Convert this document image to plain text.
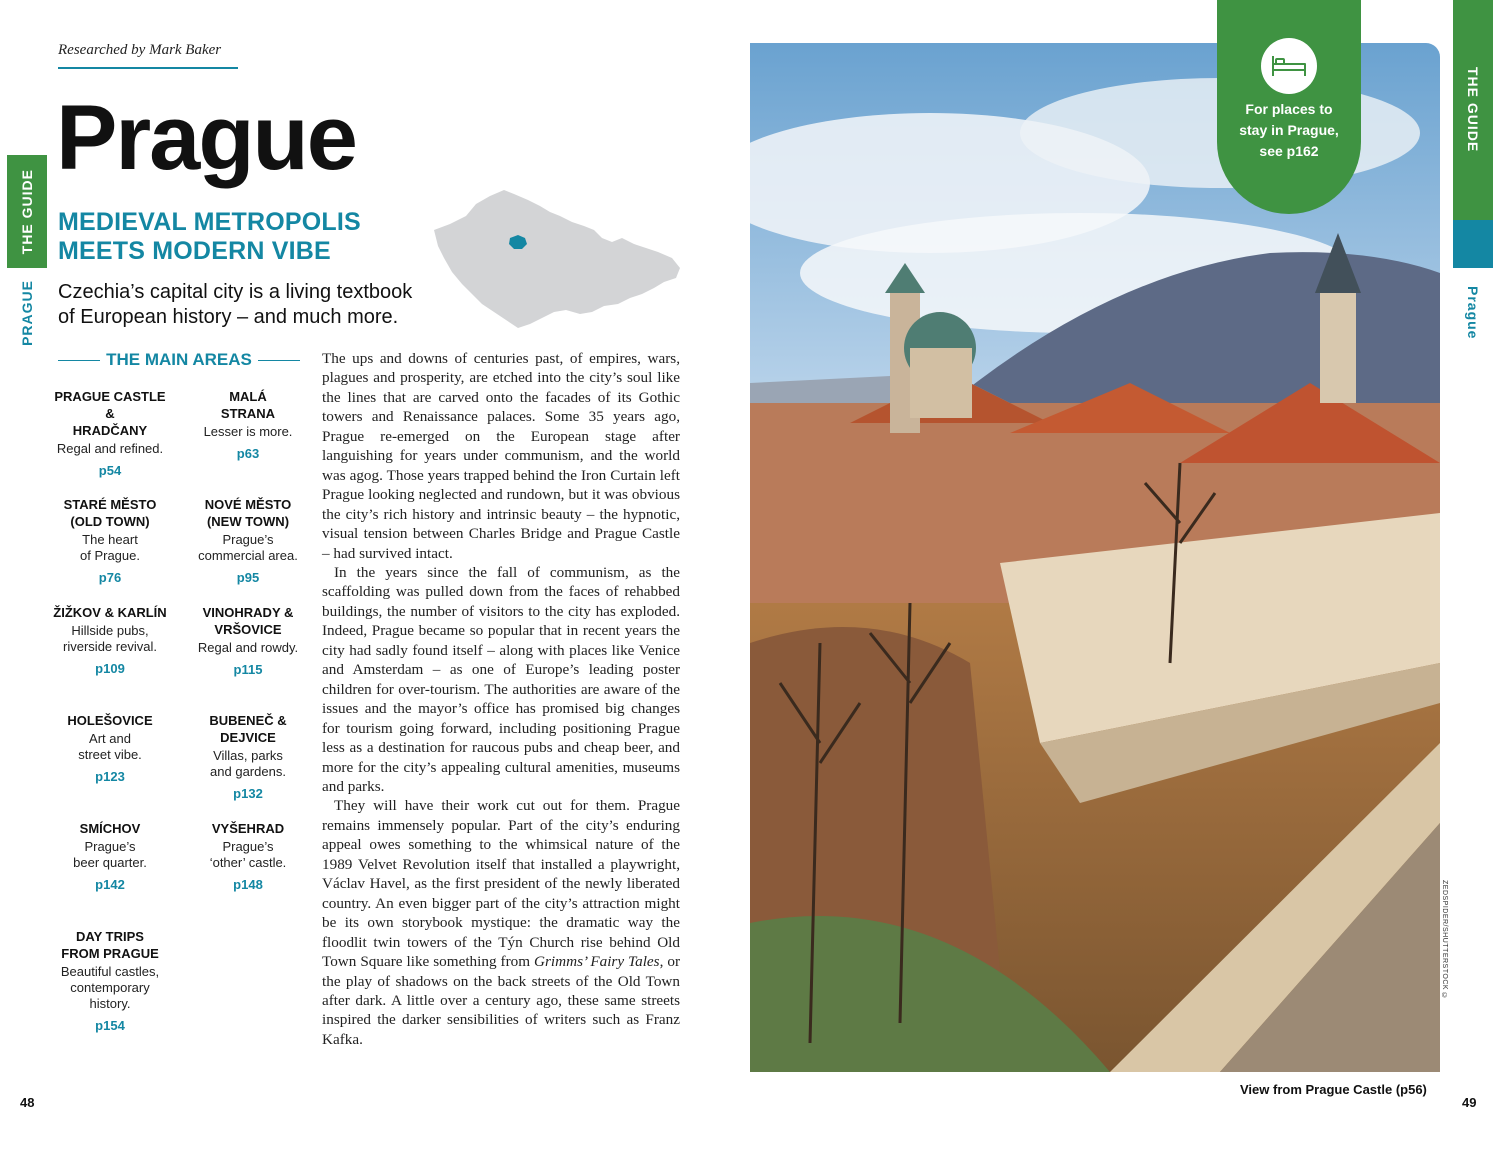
THE GUIDE
PRAGUE
Researched by Mark Baker
Prague
MEDIEVAL METROPOLIS MEETS MODERN VIBE
Czechia’s capital city is a living textbook of European history – and much more.
THE MAIN AREAS
PRAGUE CASTLE &
HRADČANY
Regal and refined.
p54
MALÁ
STRANA
Lesser is more.
p63
STARÉ MĚSTO
(OLD TOWN)
The heart
of Prague.
p76
NOVÉ MĚSTO
(NEW TOWN)
Prague’s
commercial area.
p95
ŽIŽKOV & KARLÍN
Hillside pubs,
riverside revival.
p109
VINOHRADY &
VRŠOVICE
Regal and rowdy.
p115
HOLEŠOVICE
Art and
street vibe.
p123
BUBENEČ &
DEJVICE
Villas, parks
and gardens.
p132
SMÍCHOV
Prague’s
beer quarter.
p142
VYŠEHRAD
Prague’s
‘other’ castle.
p148
DAY TRIPS
FROM PRAGUE
Beautiful castles,
contemporary
history.
p154

The ups and downs of centuries past, of empires, wars, plagues and prosperity, are etched into the city’s soul like the lines that are carved onto the facades of its Gothic towers and Renaissance palaces. Some 35 years ago, Prague re-emerged on the European stage after languishing for years under communism, and the world was agog. Those years trapped behind the Iron Curtain left Prague looking neglected and rundown, but it was obvious the city’s rich history and intrinsic beauty – the hypnotic, visual tension between Charles Bridge and Prague Castle – had survived intact.

In the years since the fall of communism, as the scaffolding was pulled down from the faces of rehabbed buildings, the number of visitors to the city has exploded. Indeed, Prague became so popular that in recent years the city had sadly found itself – along with places like Venice and Amsterdam – as one of Europe’s leading poster children for over-tourism. The authorities are aware of the issues and the mayor’s office has promised big changes for tourism going forward, including positioning Prague less as a destination for raucous pubs and cheap beer, and more for the city’s appealing cultural amenities, museums and parks.

They will have their work cut out for them. Prague remains immensely popular. Part of the city’s enduring appeal owes something to the whimsical nature of the 1989 Velvet Revolution itself that installed a playwright, Václav Havel, as the first president of the newly liberated country. An even bigger part of the city’s attraction might be its own storybook mystique: the dramatic way the floodlit twin towers of the Týn Church rise behind Old Town Square like something from Grimms’ Fairy Tales, or the play of shadows on the back streets of the Old Town after dark. A little over a century ago, these same streets inspired the darker sensibilities of writers such as Franz Kafka.

48
ZEDSPIDER/SHUTTERSTOCK ©
View from Prague Castle (p56)
For places to
stay in Prague,
see p162	THE GUIDE
Prague
49
